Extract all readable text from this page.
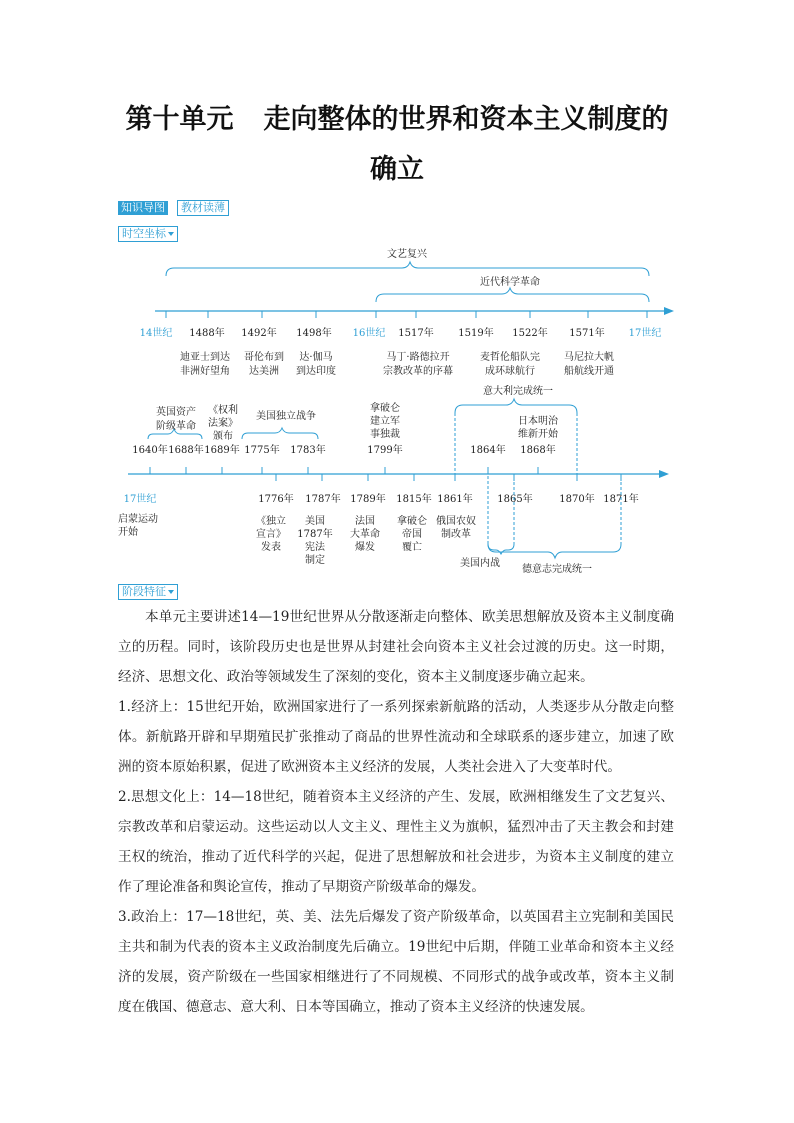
第十单元 走向整体的世界和资本主义制度的
确立
知识导图	教材读薄
时空坐标
阶段特征
文艺复兴
近代科学革命
14世纪 1488年 1492年 1498年 16世纪 1517年 1519年 1522年 1571年 17世纪
迪亚士到达
非洲好望角
哥伦布到
达美洲
达·伽马
到达印度
马丁·路德拉开
宗教改革的序幕
麦哲伦船队完
成环球航行
马尼拉大帆
船航线开通
意大利完成统一
英国资产
阶级革命
《权利
法案》
颁布
美国独立战争
拿破仑
建立军
事独裁
日本明治
维新开始
1640年 1688年 1689年 1775年 1783年	1799年	1864年 1868年
17世纪	1776年 1787年 1789年 1815年 1861年 1865年	1870年 1871年
启蒙运动
开始
《独立
宣言》
发表
美国
1787年
宪法
制定
法国
大革命
爆发
拿破仑
帝国
覆亡
俄国农奴
制改革
美国内战
德意志完成统一

本单元主要讲述14—19世纪世界从分散逐渐走向整体、欧美思想解放及资本主义制度确立的历程。同时，该阶段历史也是世界从封建社会向资本主义社会过渡的历史。这一时期，经济、思想文化、政治等领域发生了深刻的变化，资本主义制度逐步确立起来。

1.经济上：15世纪开始，欧洲国家进行了一系列探索新航路的活动，人类逐步从分散走向整体。新航路开辟和早期殖民扩张推动了商品的世界性流动和全球联系的逐步建立，加速了欧洲的资本原始积累，促进了欧洲资本主义经济的发展，人类社会进入了大变革时代。

2.思想文化上：14—18世纪，随着资本主义经济的产生、发展，欧洲相继发生了文艺复兴、宗教改革和启蒙运动。这些运动以人文主义、理性主义为旗帜，猛烈冲击了天主教会和封建王权的统治，推动了近代科学的兴起，促进了思想解放和社会进步，为资本主义制度的建立作了理论准备和舆论宣传，推动了早期资产阶级革命的爆发。

3.政治上：17—18世纪，英、美、法先后爆发了资产阶级革命，以英国君主立宪制和美国民主共和制为代表的资本主义政治制度先后确立。19世纪中后期，伴随工业革命和资本主义经济的发展，资产阶级在一些国家相继进行了不同规模、不同形式的战争或改革，资本主义制度在俄国、德意志、意大利、日本等国确立，推动了资本主义经济的快速发展。
